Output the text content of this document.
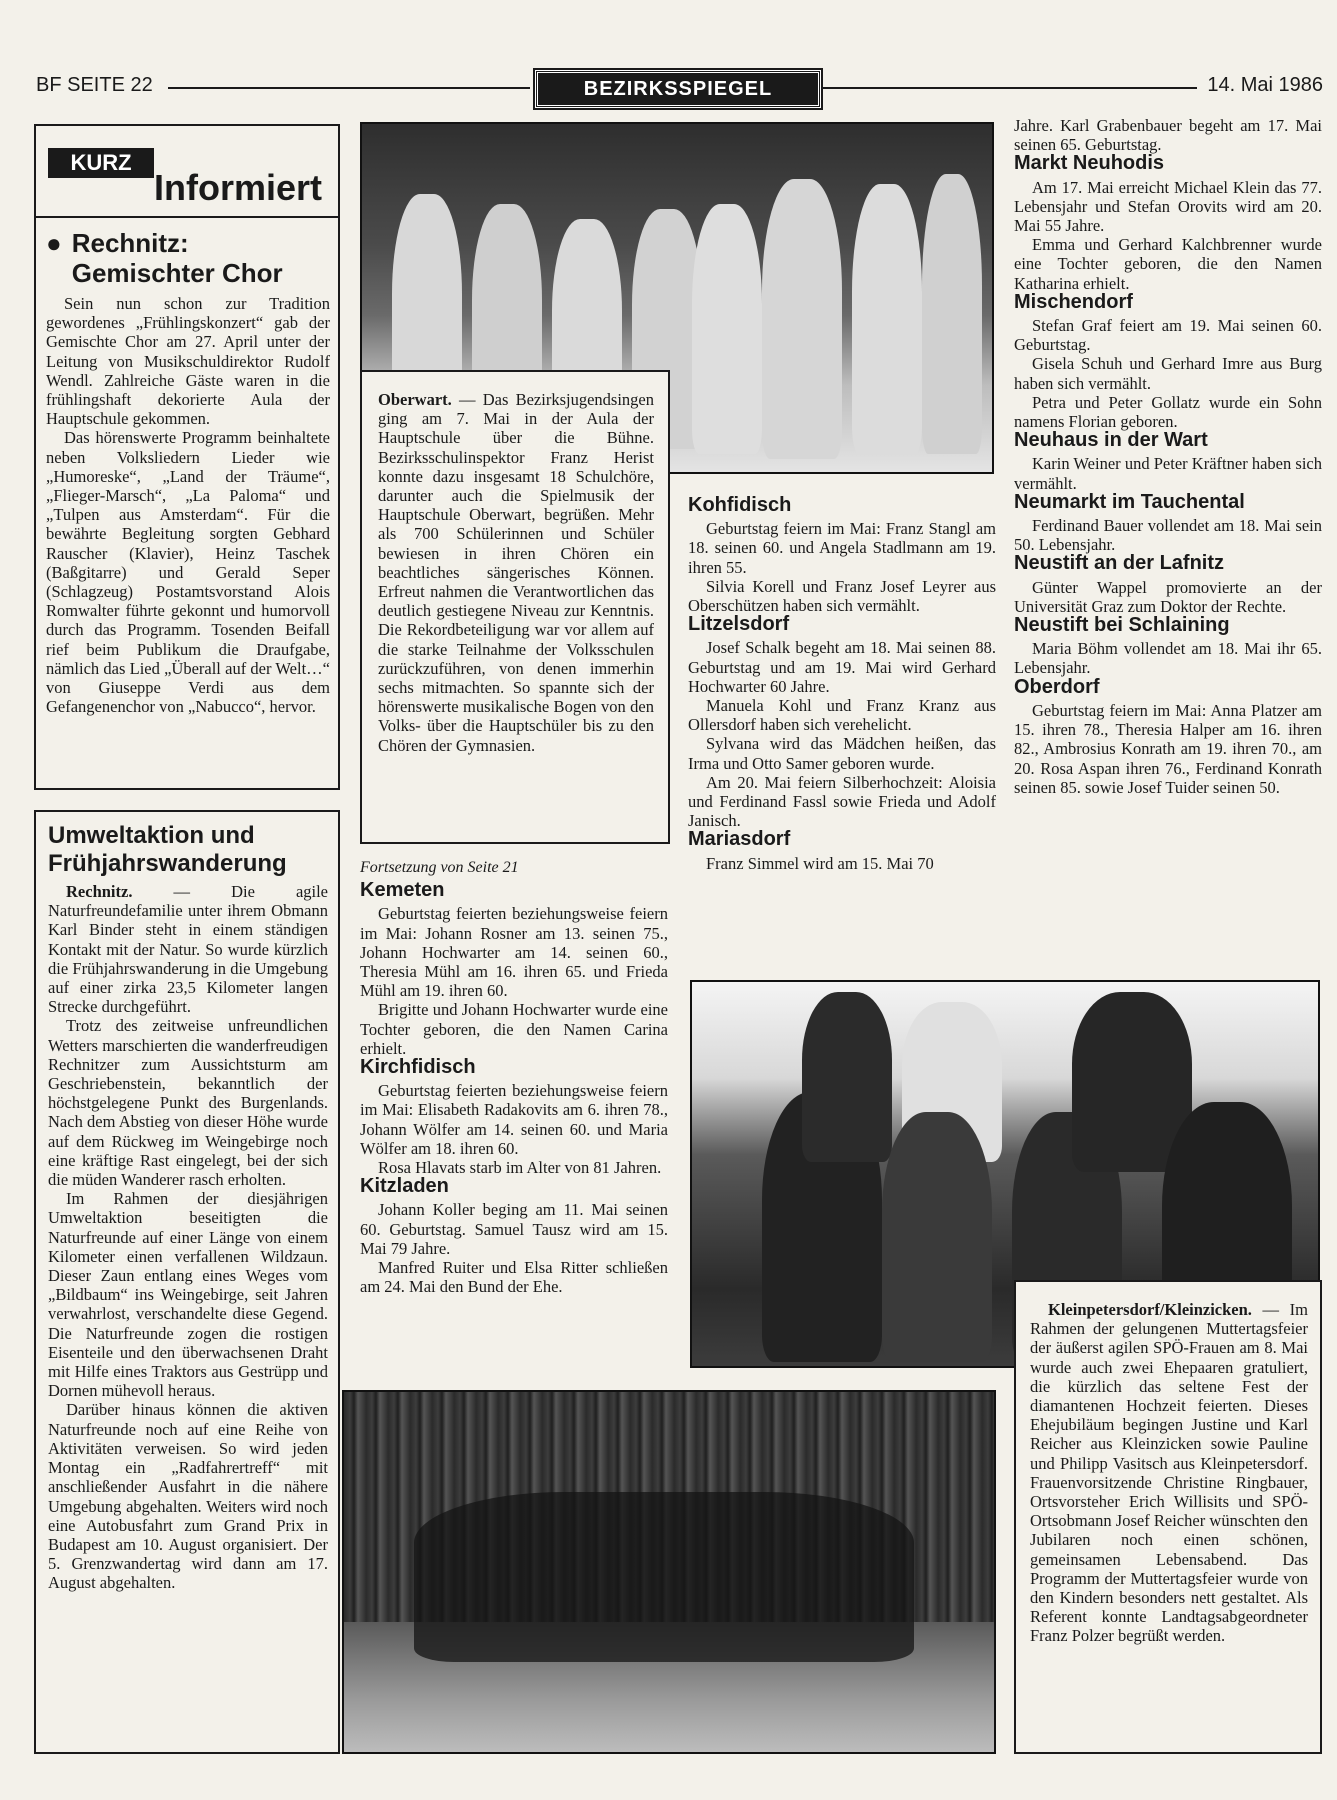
BF SEITE 22	BEZIRKSSPIEGEL	14. Mai 1986
KURZ
Informiert
● Rechnitz: Gemischter Chor

Sein nun schon zur Tradition gewordenes „Frühlingskonzert“ gab der Gemischte Chor am 27. April unter der Leitung von Musikschuldirektor Rudolf Wendl. Zahlreiche Gäste waren in die frühlingshaft dekorierte Aula der Hauptschule gekommen.

Das hörenswerte Programm beinhaltete neben Volksliedern Lieder wie „Humoreske“, „Land der Träume“, „Flieger-Marsch“, „La Paloma“ und „Tulpen aus Amsterdam“. Für die bewährte Begleitung sorgten Gebhard Rauscher (Klavier), Heinz Taschek (Baßgitarre) und Gerald Seper (Schlagzeug) Postamtsvorstand Alois Romwalter führte gekonnt und humorvoll durch das Programm. Tosenden Beifall rief beim Publikum die Draufgabe, nämlich das Lied „Überall auf der Welt…“ von Giuseppe Verdi aus dem Gefangenenchor von „Nabucco“, hervor.

Umweltaktion und Frühjahrswanderung

Rechnitz. — Die agile Naturfreundefamilie unter ihrem Obmann Karl Binder steht in einem ständigen Kontakt mit der Natur. So wurde kürzlich die Frühjahrswanderung in die Umgebung auf einer zirka 23,5 Kilometer langen Strecke durchgeführt.

Trotz des zeitweise unfreundlichen Wetters marschierten die wanderfreudigen Rechnitzer zum Aussichtsturm am Geschriebenstein, bekanntlich der höchstgelegene Punkt des Burgenlands. Nach dem Abstieg von dieser Höhe wurde auf dem Rückweg im Weingebirge noch eine kräftige Rast eingelegt, bei der sich die müden Wanderer rasch erholten.

Im Rahmen der diesjährigen Umweltaktion beseitigten die Naturfreunde auf einer Länge von einem Kilometer einen verfallenen Wildzaun. Dieser Zaun entlang eines Weges vom „Bildbaum“ ins Weingebirge, seit Jahren verwahrlost, verschandelte diese Gegend. Die Naturfreunde zogen die rostigen Eisenteile und den überwachsenen Draht mit Hilfe eines Traktors aus Gestrüpp und Dornen mühevoll heraus.

Darüber hinaus können die aktiven Naturfreunde noch auf eine Reihe von Aktivitäten verweisen. So wird jeden Montag ein „Radfahrertreff“ mit anschließender Ausfahrt in die nähere Umgebung abgehalten. Weiters wird noch eine Autobusfahrt zum Grand Prix in Budapest am 10. August organisiert. Der 5. Grenzwandertag wird dann am 17. August abgehalten.

Oberwart. — Das Bezirksjugendsingen ging am 7. Mai in der Aula der Hauptschule über die Bühne. Bezirksschulinspektor Franz Herist konnte dazu insgesamt 18 Schulchöre, darunter auch die Spielmusik der Hauptschule Oberwart, begrüßen. Mehr als 700 Schülerinnen und Schüler bewiesen in ihren Chören ein beachtliches sängerisches Können. Erfreut nahmen die Verantwortlichen das deutlich gestiegene Niveau zur Kenntnis. Die Rekordbeteiligung war vor allem auf die starke Teilnahme der Volksschulen zurückzuführen, von denen immerhin sechs mitmachten. So spannte sich der hörenswerte musikalische Bogen von den Volks- über die Hauptschüler bis zu den Chören der Gymnasien.

Fortsetzung von Seite 21
Kemeten

Geburtstag feierten beziehungsweise feiern im Mai: Johann Rosner am 13. seinen 75., Johann Hochwarter am 14. seinen 60., Theresia Mühl am 16. ihren 65. und Frieda Mühl am 19. ihren 60.

Brigitte und Johann Hochwarter wurde eine Tochter geboren, die den Namen Carina erhielt.

Kirchfidisch

Geburtstag feierten beziehungsweise feiern im Mai: Elisabeth Radakovits am 6. ihren 78., Johann Wölfer am 14. seinen 60. und Maria Wölfer am 18. ihren 60.

Rosa Hlavats starb im Alter von 81 Jahren.

Kitzladen

Johann Koller beging am 11. Mai seinen 60. Geburtstag. Samuel Tausz wird am 15. Mai 79 Jahre.

Manfred Ruiter und Elsa Ritter schließen am 24. Mai den Bund der Ehe.

Kohfidisch

Geburtstag feiern im Mai: Franz Stangl am 18. seinen 60. und Angela Stadlmann am 19. ihren 55.

Silvia Korell und Franz Josef Leyrer aus Oberschützen haben sich vermählt.

Litzelsdorf

Josef Schalk begeht am 18. Mai seinen 88. Geburtstag und am 19. Mai wird Gerhard Hochwarter 60 Jahre.

Manuela Kohl und Franz Kranz aus Ollersdorf haben sich verehelicht.

Sylvana wird das Mädchen heißen, das Irma und Otto Samer geboren wurde.

Am 20. Mai feiern Silberhochzeit: Aloisia und Ferdinand Fassl sowie Frieda und Adolf Janisch.

Mariasdorf

Franz Simmel wird am 15. Mai 70

Jahre. Karl Grabenbauer begeht am 17. Mai seinen 65. Geburtstag.

Markt Neuhodis

Am 17. Mai erreicht Michael Klein das 77. Lebensjahr und Stefan Orovits wird am 20. Mai 55 Jahre.

Emma und Gerhard Kalchbrenner wurde eine Tochter geboren, die den Namen Katharina erhielt.

Mischendorf

Stefan Graf feiert am 19. Mai seinen 60. Geburtstag.

Gisela Schuh und Gerhard Imre aus Burg haben sich vermählt.

Petra und Peter Gollatz wurde ein Sohn namens Florian geboren.

Neuhaus in der Wart

Karin Weiner und Peter Kräftner haben sich vermählt.

Neumarkt im Tauchental

Ferdinand Bauer vollendet am 18. Mai sein 50. Lebensjahr.

Neustift an der Lafnitz

Günter Wappel promovierte an der Universität Graz zum Doktor der Rechte.

Neustift bei Schlaining

Maria Böhm vollendet am 18. Mai ihr 65. Lebensjahr.

Oberdorf

Geburtstag feiern im Mai: Anna Platzer am 15. ihren 78., Theresia Halper am 16. ihren 82., Ambrosius Konrath am 19. ihren 70., am 20. Rosa Aspan ihren 76., Ferdinand Konrath seinen 85. sowie Josef Tuider seinen 50.

Kleinpetersdorf/Kleinzicken. — Im Rahmen der gelungenen Muttertagsfeier der äußerst agilen SPÖ-Frauen am 8. Mai wurde auch zwei Ehepaaren gratuliert, die kürzlich das seltene Fest der diamantenen Hochzeit feierten. Dieses Ehejubiläum begingen Justine und Karl Reicher aus Kleinzicken sowie Pauline und Philipp Vasitsch aus Kleinpetersdorf. Frauenvorsitzende Christine Ringbauer, Ortsvorsteher Erich Willisits und SPÖ-Ortsobmann Josef Reicher wünschten den Jubilaren noch einen schönen, gemeinsamen Lebensabend. Das Programm der Muttertagsfeier wurde von den Kindern besonders nett gestaltet. Als Referent konnte Landtagsabgeordneter Franz Polzer begrüßt werden.
